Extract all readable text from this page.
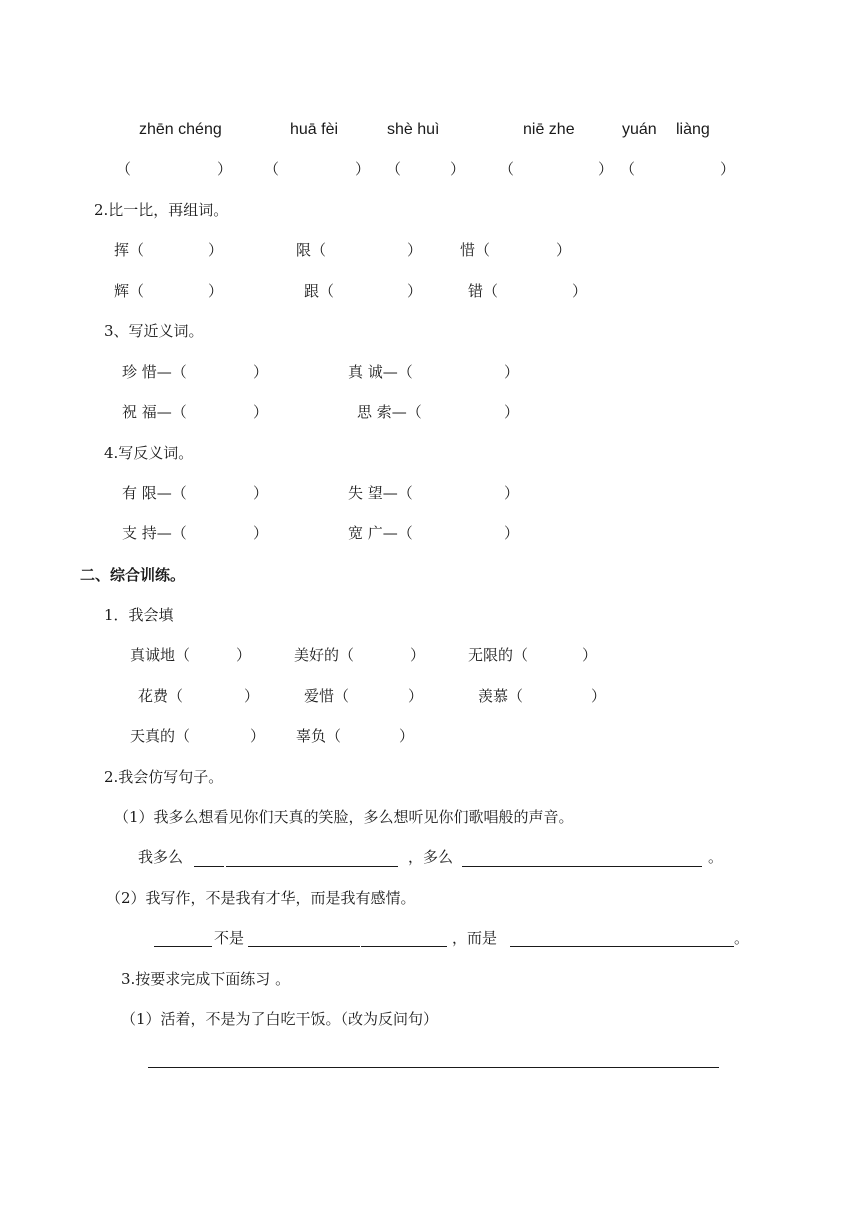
zhēn chéng	huā fèi	shè huì	niē zhe	yuán liàng
（	） （	） （	） （	） （	）
2.比一比，再组词。
挥（	）	限（	）	惜（	）
辉（	）	跟（	）	错（	）
3、写近义词。
珍 惜—（	）	真 诚—（	）
祝 福—（	）	思 索—（	）
4.写反义词。
有 限—（	）	失 望—（	）
支 持—（	）	宽 广—（	）
二、综合训练。
1．我会填
真诚地（	）	美好的（	）	无限的（	）
花费（	）	爱惜（	）	羡慕（	）
天真的（	） 辜负（	）
2.我会仿写句子。
（1）我多么想看见你们天真的笑脸，多么想听见你们歌唱般的声音。
我多么	，多么	。
（2）我写作，不是我有才华，而是我有感情。
不是	，而是	。
3.按要求完成下面练习 。
（1）活着，不是为了白吃干饭。（改为反问句）
